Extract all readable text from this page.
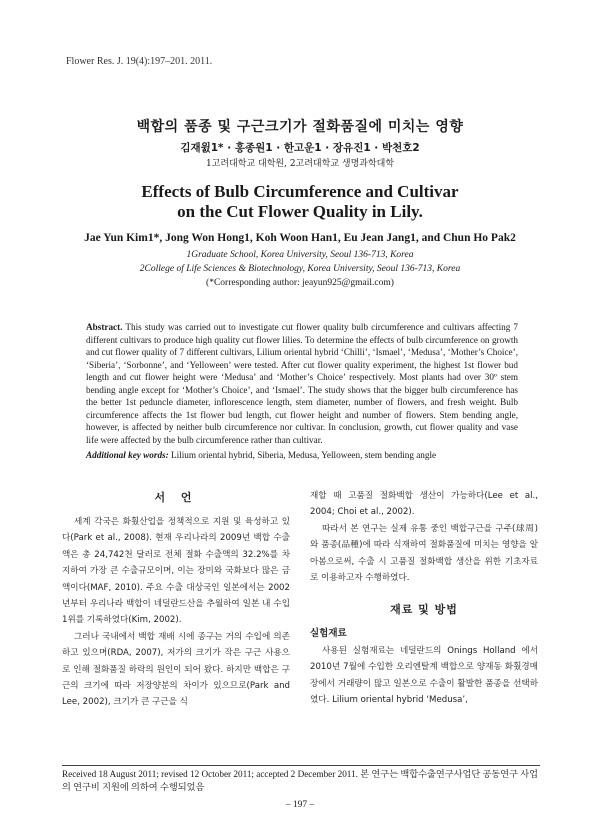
Flower Res. J. 19(4):197–201. 2011.
백합의 품종 및 구근크기가 절화품질에 미치는 영향
김재윐1* · 홍종원1 · 한고운1 · 장유진1 · 박천호2
1고려대학교 대학원, 2고려대학교 생명과학대학
Effects of Bulb Circumference and Cultivar
on the Cut Flower Quality in Lily.
Jae Yun Kim1*, Jong Won Hong1, Koh Woon Han1, Eu Jean Jang1, and Chun Ho Pak2
1Graduate School, Korea University, Seoul 136-713, Korea
2College of Life Sciences & Biotechnology, Korea University, Seoul 136-713, Korea
(*Corresponding author: jeayun925@gmail.com)
Abstract. This study was carried out to investigate cut flower quality bulb circumference and cultivars affecting 7 different cultivars to produce high quality cut flower lilies. To determine the effects of bulb circumference on growth and cut flower quality of 7 different cultivars, Lilium oriental hybrid ‘Chilli’, ‘Ismael’, ‘Medusa’, ‘Mother’s Choice’, ‘Siberia’, ‘Sorbonne’, and ‘Yelloween’ were tested. After cut flower quality experiment, the highest 1st flower bud length and cut flower height were ‘Medusa’ and ‘Mother’s Choice’ respectively. Most plants had over 30º stem bending angle except for ‘Mother’s Choice’, and ‘Ismael’. The study shows that the bigger bulb circumference has the better 1st peduncle diameter, inflorescence length, stem diameter, number of flowers, and fresh weight. Bulb circumference affects the 1st flower bud length, cut flower height and number of flowers. Stem bending angle, however, is affected by neither bulb circumference nor cultivar. In conclusion, growth, cut flower quality and vase life were affected by the bulb circumference rather than cultivar.
Additional key words: Lilium oriental hybrid, Siberia, Medusa, Yelloween, stem bending angle
서 언

세계 각국은 화훴산업을 정책적으로 지원 및 육성하고 있다(Park et al., 2008). 현재 우리나라의 2009년 백합 수출액은 총 24,742천 달러로 전체 절화 수출액의 32.2%를 차지하여 가장 큰 수출규모이며, 이는 장미와 국화보다 많은 금액이다(MAF, 2010). 주요 수출 대상국인 일본에서는 2002년부터 우리나라 백합이 네덜란드산을 추월하여 일본 내 수입 1위를 기록하였다(Kim, 2002).

그러나 국내에서 백합 재배 시에 종구는 거의 수입에 의존하고 있으며(RDA, 2007), 저가의 크기가 작은 구근 사용으로 인해 절화품질 하락의 원인이 되어 왔다. 하지만 백합은 구근의 크기에 따라 저장양분의 차이가 있으므로(Park and Lee, 2002), 크기가 큰 구근을 식

재할 때 고품질 절화백합 생산이 가능하다(Lee et al., 2004; Choi et al., 2002).

따라서 본 연구는 실제 유통 중인 백합구근을 구주(球周)와 품종(品種)에 따라 식재하여 절화품질에 미치는 영향을 알아봄으로써, 수출 시 고품질 절화백합 생산을 위한 기초자료로 이용하고자 수행하였다.

재료 및 방법
실험재료

사용된 실험재료는 네덜란드의 Onings Holland 에서 2010년 7월에 수입한 오리엔탈계 백합으로 양재동 화훴경매장에서 거래량이 많고 일본으로 수출이 활발한 품종을 선택하였다. Lilium oriental hybrid ‘Medusa’,

Received 18 August 2011; revised 12 October 2011; accepted 2 December 2011. 본 연구는 백합수출연구사업단 공동연구 사업의 연구비 지원에 의하여 수행되었음
– 197 –
